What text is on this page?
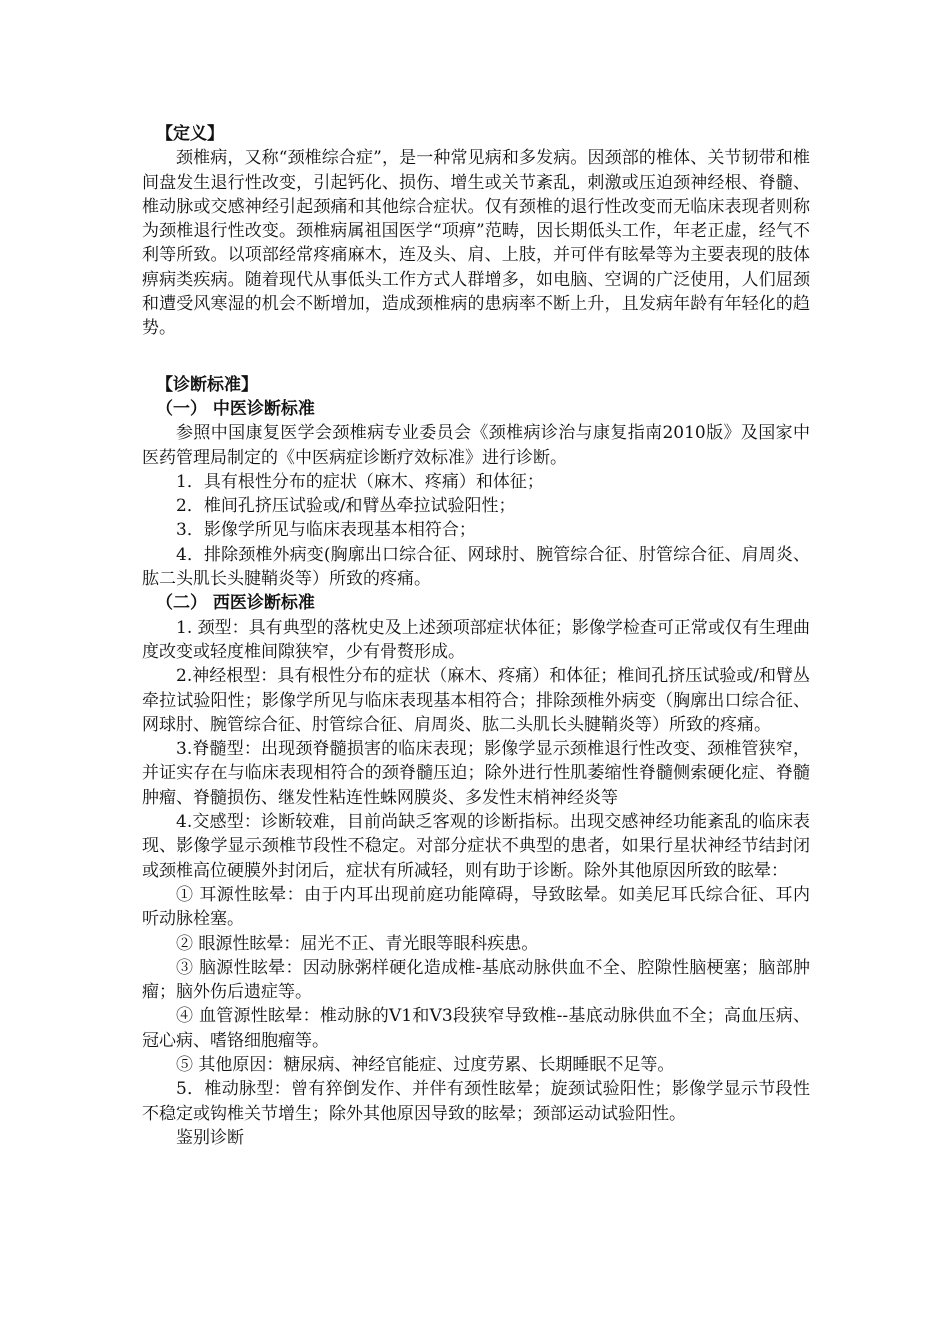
【定义】

颈椎病，又称“颈椎综合症”，是一种常见病和多发病。因颈部的椎体、关节韧带和椎间盘发生退行性改变，引起钙化、损伤、增生或关节紊乱，刺激或压迫颈神经根、脊髓、椎动脉或交感神经引起颈痛和其他综合症状。仅有颈椎的退行性改变而无临床表现者则称为颈椎退行性改变。颈椎病属祖国医学“项痹”范畴，因长期低头工作，年老正虚，经气不利等所致。以项部经常疼痛麻木，连及头、肩、上肢，并可伴有眩晕等为主要表现的肢体痹病类疾病。随着现代从事低头工作方式人群增多，如电脑、空调的广泛使用，人们屈颈和遭受风寒湿的机会不断增加，造成颈椎病的患病率不断上升，且发病年龄有年轻化的趋势。

【诊断标准】
（一） 中医诊断标准

参照中国康复医学会颈椎病专业委员会《颈椎病诊治与康复指南2010版》及国家中医药管理局制定的《中医病症诊断疗效标准》进行诊断。

1．具有根性分布的症状（麻木、疼痛）和体征；

2．椎间孔挤压试验或/和臂丛牵拉试验阳性；

3．影像学所见与临床表现基本相符合；

4．排除颈椎外病变(胸廓出口综合征、网球肘、腕管综合征、肘管综合征、肩周炎、肱二头肌长头腱鞘炎等）所致的疼痛。

（二） 西医诊断标准

1. 颈型：具有典型的落枕史及上述颈项部症状体征；影像学检查可正常或仅有生理曲度改变或轻度椎间隙狭窄，少有骨赘形成。

2.神经根型：具有根性分布的症状（麻木、疼痛）和体征；椎间孔挤压试验或/和臂丛牵拉试验阳性；影像学所见与临床表现基本相符合；排除颈椎外病变（胸廓出口综合征、网球肘、腕管综合征、肘管综合征、肩周炎、肱二头肌长头腱鞘炎等）所致的疼痛。

3.脊髓型：出现颈脊髓损害的临床表现；影像学显示颈椎退行性改变、颈椎管狭窄，并证实存在与临床表现相符合的颈脊髓压迫；除外进行性肌萎缩性脊髓侧索硬化症、脊髓肿瘤、脊髓损伤、继发性粘连性蛛网膜炎、多发性末梢神经炎等

4.交感型：诊断较难，目前尚缺乏客观的诊断指标。出现交感神经功能紊乱的临床表现、影像学显示颈椎节段性不稳定。对部分症状不典型的患者，如果行星状神经节结封闭或颈椎高位硬膜外封闭后，症状有所减轻，则有助于诊断。除外其他原因所致的眩晕：

① 耳源性眩晕：由于内耳出现前庭功能障碍，导致眩晕。如美尼耳氏综合征、耳内听动脉栓塞。

② 眼源性眩晕：屈光不正、青光眼等眼科疾患。

③ 脑源性眩晕：因动脉粥样硬化造成椎-基底动脉供血不全、腔隙性脑梗塞；脑部肿瘤；脑外伤后遗症等。

④ 血管源性眩晕：椎动脉的V1和V3段狭窄导致椎--基底动脉供血不全；高血压病、冠心病、嗜铬细胞瘤等。

⑤ 其他原因：糖尿病、神经官能症、过度劳累、长期睡眠不足等。

5．椎动脉型：曾有猝倒发作、并伴有颈性眩晕；旋颈试验阳性；影像学显示节段性不稳定或钩椎关节增生；除外其他原因导致的眩晕；颈部运动试验阳性。

鉴别诊断
